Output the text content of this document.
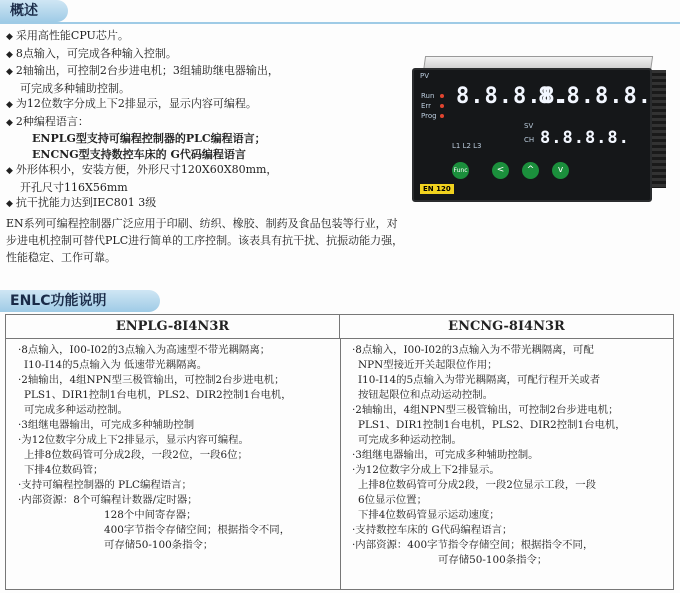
概述
◆ 采用高性能CPU芯片。
◆ 8点输入，可完成各种输入控制。
◆ 2轴输出，可控制2台步进电机；3组辅助继电器输出，
可完成多种辅助控制。
◆ 为12位数字分成上下2排显示，显示内容可编程。
◆ 2种编程语言：
ENPLG型支持可编程控制器的PLC编程语言；
ENCNG型支持数控车床的 G代码编程语言
◆ 外形体积小，安装方便，外形尺寸120X60X80mm，
开孔尺寸116X56mm
◆ 抗干扰能力达到IEC801 3级
EN系列可编程控制器广泛应用于印刷、纺织、橡胶、制药及食品包装等行业，对步进电机控制可替代PLC进行简单的工序控制。该表具有抗干扰、抗振动能力强，性能稳定、工作可靠。
PV
Run
Err
Prog
8.8.8.8.
8.8.8.8.
SV
CH 8.8.8.8.
L1 L2 L3
Func	<	^	v
EN 120
ENLC功能说明
ENPLG-8I4N3R	ENCNG-8I4N3R
·8点输入，I00-I02的3点输入为高速型不带光耦隔离；
I10-I14的5点输入为 低速带光耦隔离。
·2轴输出，4组NPN型三极管输出，可控制2台步进电机；
PLS1、DIR1控制1台电机，PLS2、DIR2控制1台电机，
可完成多种运动控制。
·3组继电器输出，可完成多种辅助控制
·为12位数字分成上下2排显示，显示内容可编程。
上排8位数码管可分成2段，一段2位，一段6位；
下排4位数码管；
·支持可编程控制器的 PLC编程语言；
·内部资源：8个可编程计数器/定时器；
128个中间寄存器；
400字节指令存储空间；根据指令不同，
可存储50-100条指令；
·8点输入，I00-I02的3点输入为不带光耦隔离，可配
NPN型接近开关起限位作用；
I10-I14的5点输入为带光耦隔离，可配行程开关或者
按钮起限位和点动运动控制。
·2轴输出，4组NPN型三极管输出，可控制2台步进电机；
PLS1、DIR1控制1台电机，PLS2、DIR2控制1台电机，
可完成多种运动控制。
·3组继电器输出，可完成多种辅助控制。
·为12位数字分成上下2排显示。
上排8位数码管可分成2段，一段2位显示工段，一段
6位显示位置；
下排4位数码管显示运动速度；
·支持数控车床的 G代码编程语言；
·内部资源：400字节指令存储空间；根据指令不同，
可存储50-100条指令；
